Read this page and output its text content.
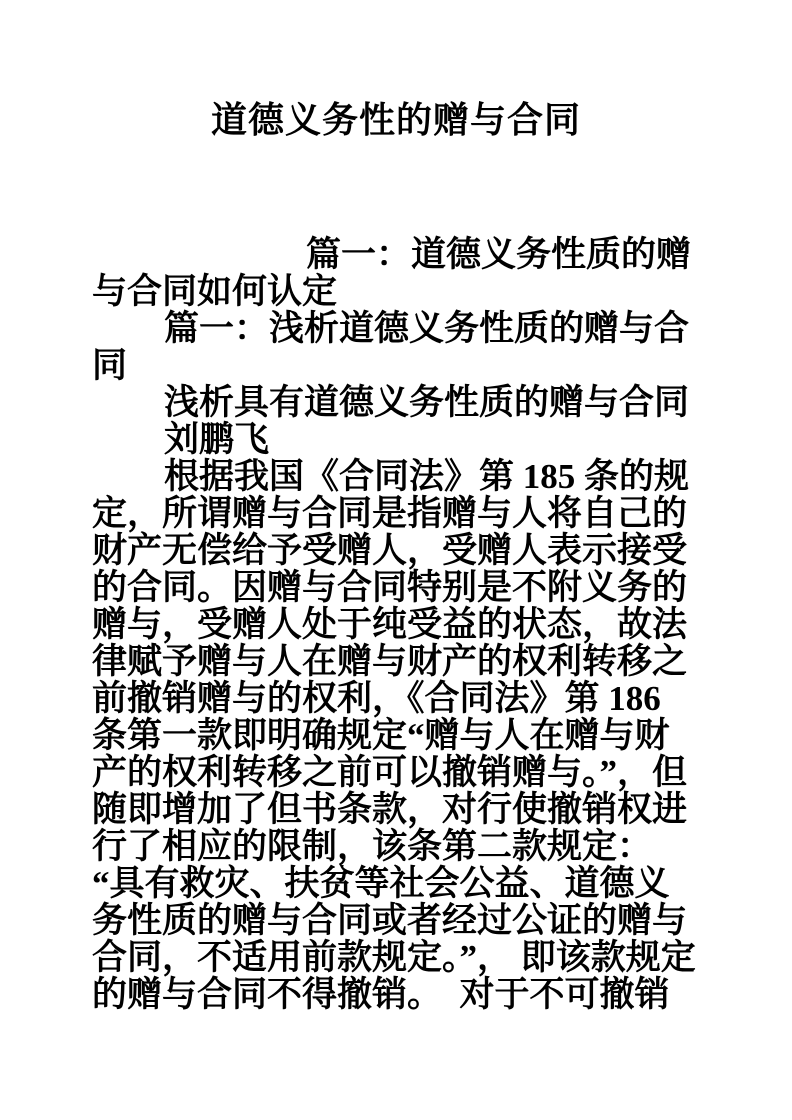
道德义务性的赠与合同
篇一：道德义务性质的赠
与合同如何认定
篇一：浅析道德义务性质的赠与合
同
浅析具有道德义务性质的赠与合同
刘鹏飞
根据我国《合同法》第 185 条的规
定，所谓赠与合同是指赠与人将自己的
财产无偿给予受赠人，受赠人表示接受
的合同。因赠与合同特别是不附义务的
赠与，受赠人处于纯受益的状态，故法
律赋予赠与人在赠与财产的权利转移之
前撤销赠与的权利，《合同法》第 186
条第一款即明确规定“赠与人在赠与财
产的权利转移之前可以撤销赠与。”，但
随即增加了但书条款，对行使撤销权进
行了相应的限制，该条第二款规定：
“具有救灾、扶贫等社会公益、道德义
务性质的赠与合同或者经过公证的赠与
合同，不适用前款规定。”， 即该款规定
的赠与合同不得撤销。  对于不可撤销
